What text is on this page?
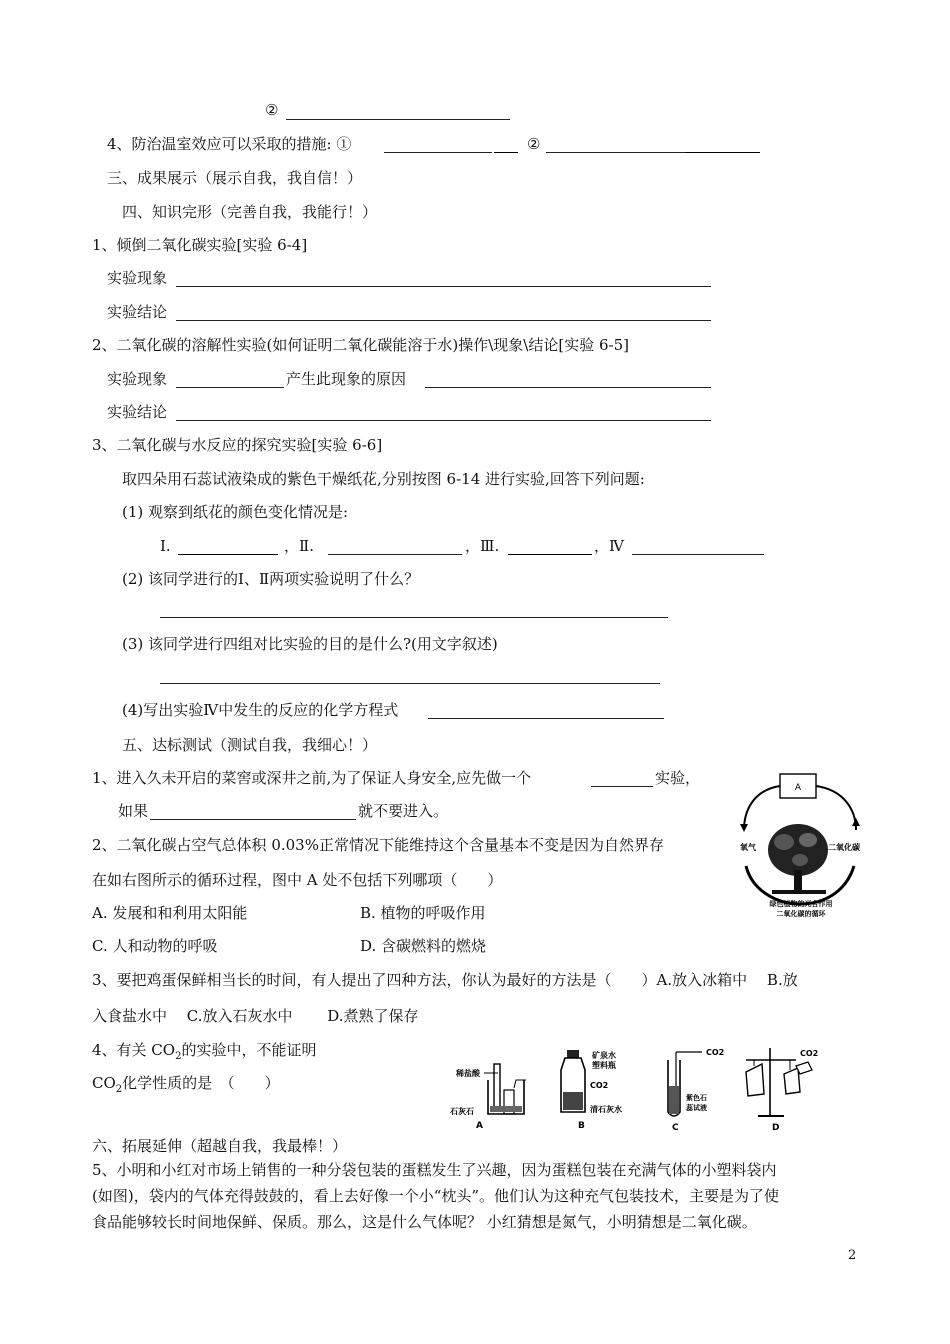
②
4、防治温室效应可以采取的措施: ①	②
三、成果展示（展示自我，我自信！）
四、知识完形（完善自我，我能行！）
1、倾倒二氧化碳实验[实验 6-4]
实验现象
实验结论
2、二氧化碳的溶解性实验(如何证明二氧化碳能溶于水)操作\现象\结论[实验 6-5]
实验现象	产生此现象的原因
实验结论
3、二氧化碳与水反应的探究实验[实验 6-6]
取四朵用石蕊试液染成的紫色干燥纸花,分别按图 6-14 进行实验,回答下列问题:
(1) 观察到纸花的颜色变化情况是:
Ⅰ.	，Ⅱ.	，Ⅲ.	，Ⅳ
(2) 该同学进行的Ⅰ、Ⅱ两项实验说明了什么？
(3) 该同学进行四组对比实验的目的是什么?(用文字叙述)
(4)写出实验Ⅳ中发生的反应的化学方程式
五、达标测试（测试自我，我细心！）
1、进入久未开启的菜窖或深井之前,为了保证人身安全,应先做一个	实验，
如果	就不要进入。
2、二氧化碳占空气总体积 0.03%正常情况下能维持这个含量基本不变是因为自然界存
在如右图所示的循环过程，图中 A 处不包括下列哪项（　　）
A. 发展和和利用太阳能	B. 植物的呼吸作用
C. 人和动物的呼吸	D. 含碳燃料的燃烧
3、要把鸡蛋保鲜相当长的时间，有人提出了四种方法，你认为最好的方法是（　　）A.放入冰箱中　 B.放
入食盐水中　 C.放入石灰水中　　 D.煮熟了保存
4、有关 $CO_2$的实验中，不能证明
$CO_2$化学性质的是　（　　）
六、拓展延伸（超越自我，我最棒！）
5、小明和小红对市场上销售的一种分袋包装的蛋糕发生了兴趣，因为蛋糕包装在充满气体的小塑料袋内
(如图)，袋内的气体充得鼓鼓的，看上去好像一个小“枕头”。他们认为这种充气包装技术，主要是为了使
食品能够较长时间地保鲜、保质。那么，这是什么气体呢？ 小红猜想是氮气，小明猜想是二氧化碳。
2
A
氧气	二氧化碳
绿色植物的光合作用
二氧化碳的循环
稀盐酸
石灰石
A
矿泉水
塑料瓶
CO2
清石灰水
B
CO2
紫色石
蕊试液
C
CO2
D
